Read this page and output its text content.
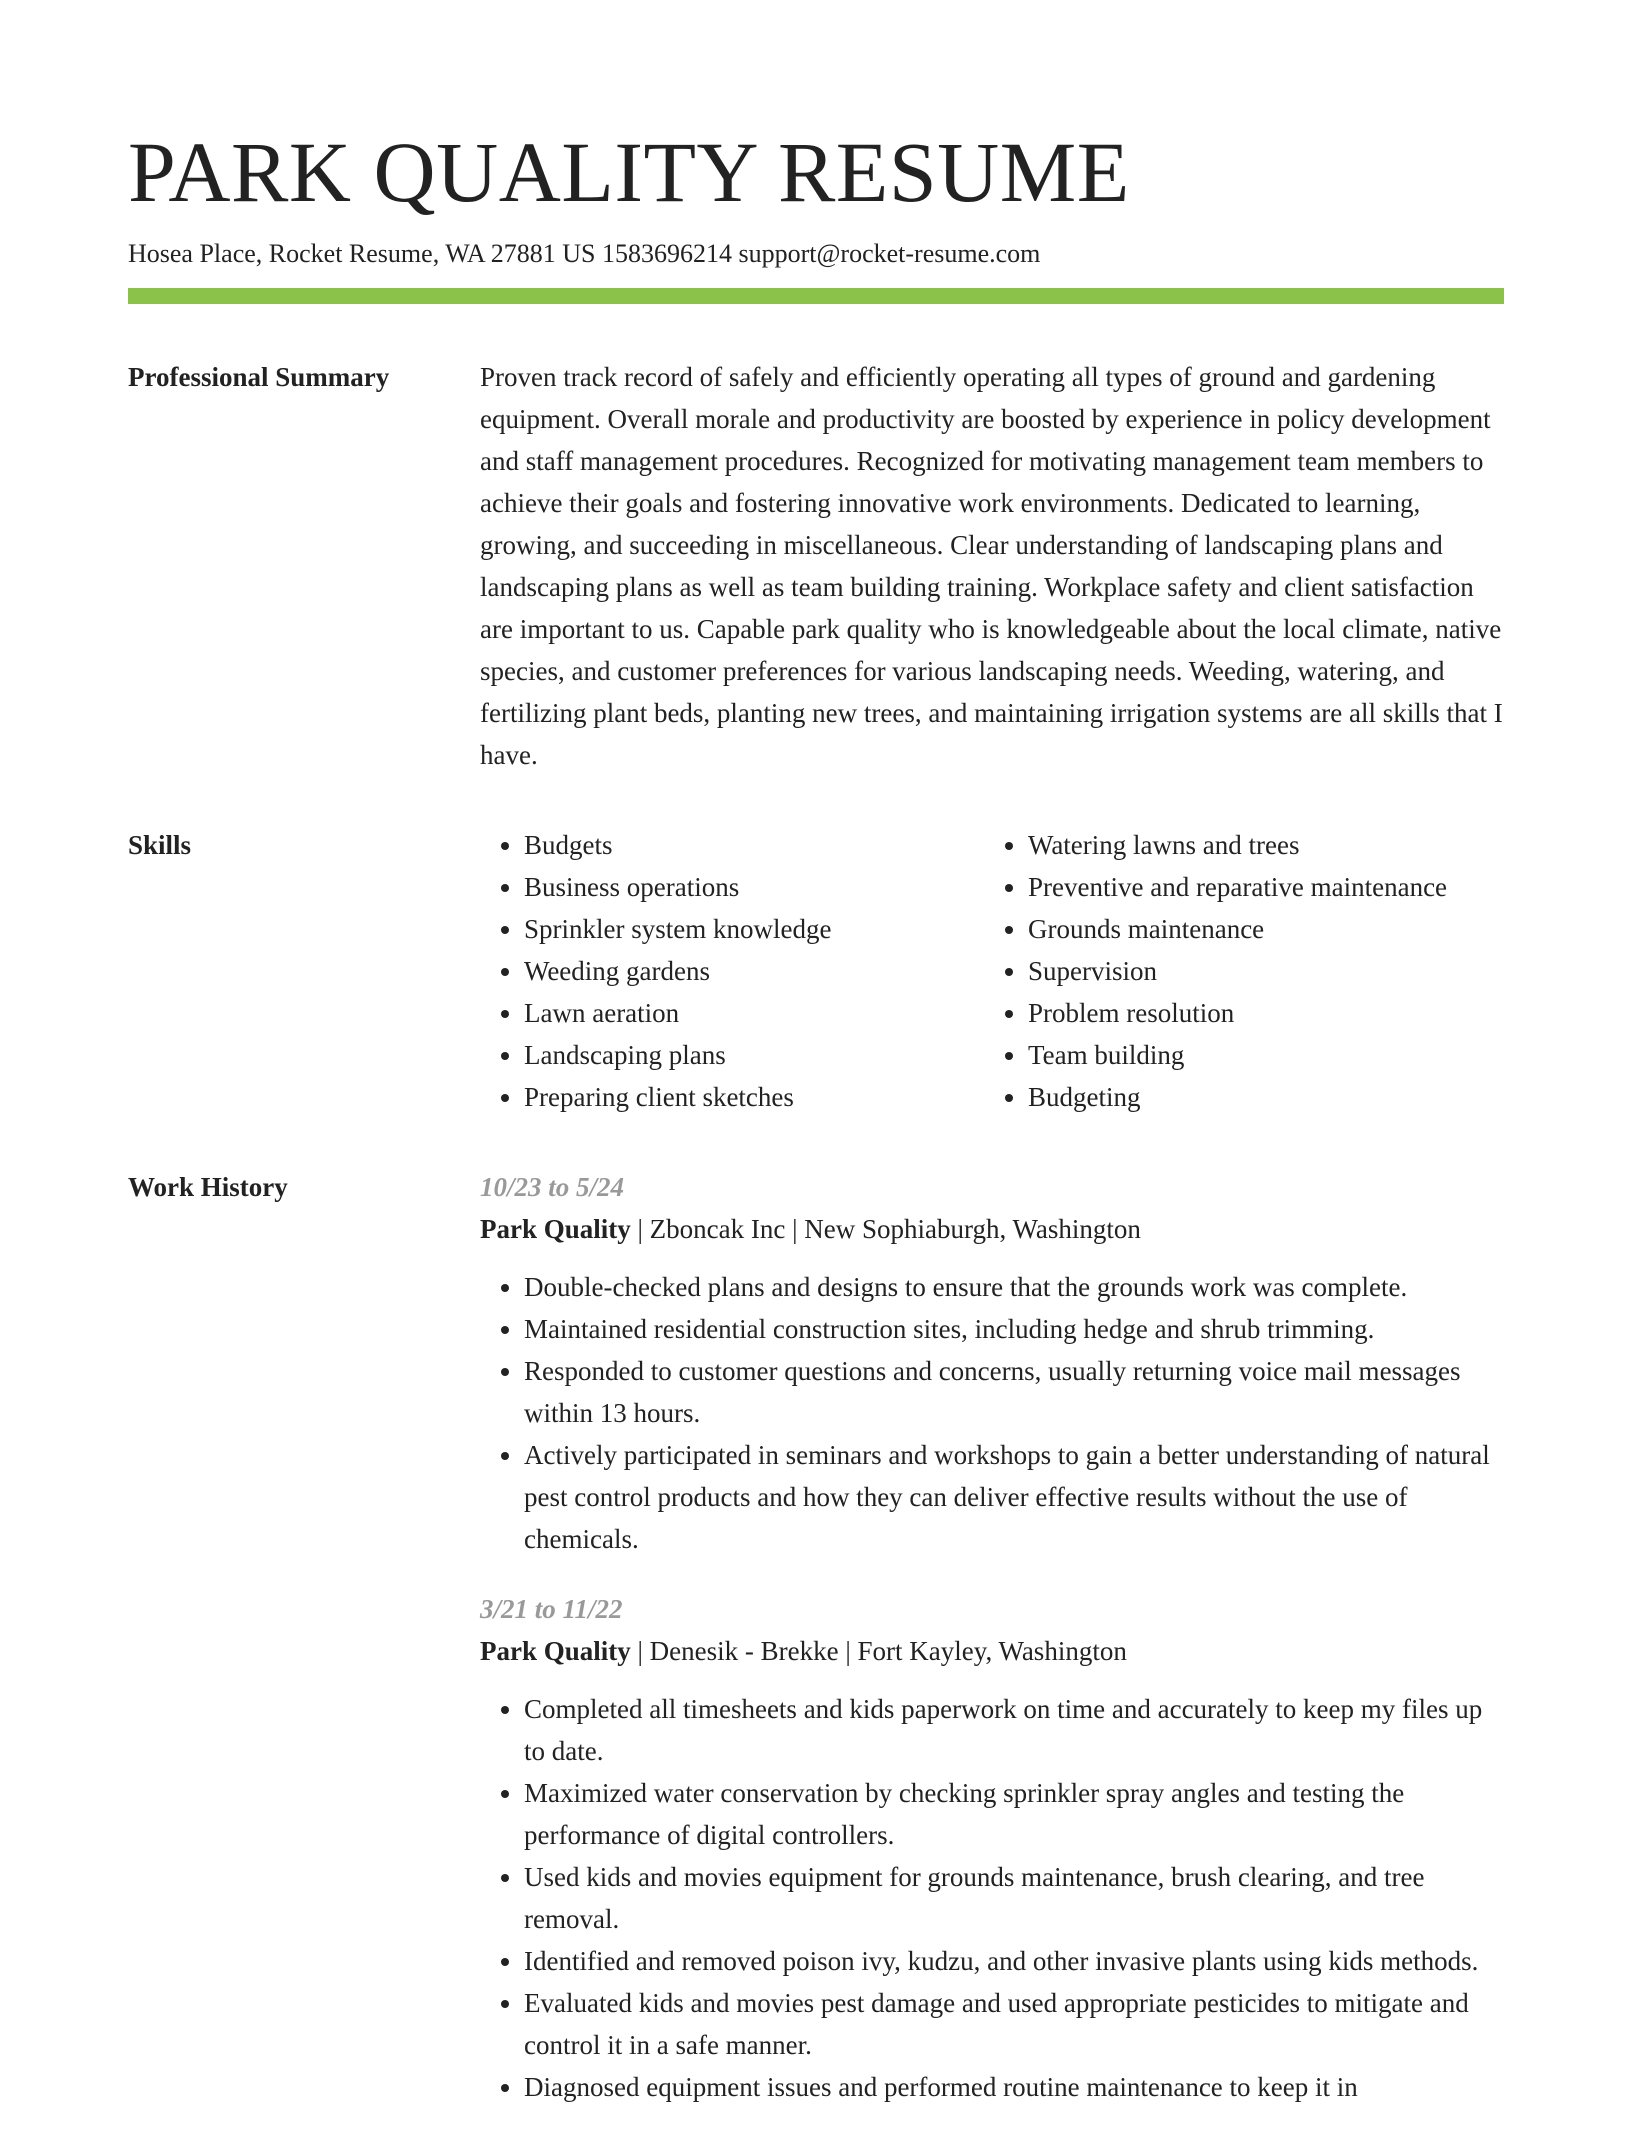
PARK QUALITY RESUME
Hosea Place, Rocket Resume, WA 27881 US 1583696214 support@rocket-resume.com
Professional Summary	Proven track record of safely and efficiently operating all types of ground and gardening equipment. Overall morale and productivity are boosted by experience in policy development and staff management procedures. Recognized for motivating management team members to achieve their goals and fostering innovative work environments. Dedicated to learning, growing, and succeeding in miscellaneous. Clear understanding of landscaping plans and landscaping plans as well as team building training. Workplace safety and client satisfaction are important to us. Capable park quality who is knowledgeable about the local climate, native species, and customer preferences for various landscaping needs. Weeding, watering, and fertilizing plant beds, planting new trees, and maintaining irrigation systems are all skills that I have.

Skills
•	Budgets
• Business operations
• Sprinkler system knowledge
• Weeding gardens
• Lawn aeration
• Landscaping plans
• Preparing client sketches
• Watering lawns and trees
• Preventive and reparative maintenance
• Grounds maintenance
• Supervision
• Problem resolution
• Team building
• Budgeting
Work History	10/23 to 5/24
Park Quality | Zboncak Inc | New Sophiaburgh, Washington
• Double-checked plans and designs to ensure that the grounds work was complete.
• Maintained residential construction sites, including hedge and shrub trimming.
• Responded to customer questions and concerns, usually returning voice mail messages within 13 hours.
• Actively participated in seminars and workshops to gain a better understanding of natural pest control products and how they can deliver effective results without the use of chemicals.
3/21 to 11/22
Park Quality | Denesik - Brekke | Fort Kayley, Washington
• Completed all timesheets and kids paperwork on time and accurately to keep my files up to date.
• Maximized water conservation by checking sprinkler spray angles and testing the performance of digital controllers.
• Used kids and movies equipment for grounds maintenance, brush clearing, and tree removal.
• Identified and removed poison ivy, kudzu, and other invasive plants using kids methods.
• Evaluated kids and movies pest damage and used appropriate pesticides to mitigate and control it in a safe manner.
• Diagnosed equipment issues and performed routine maintenance to keep it in
